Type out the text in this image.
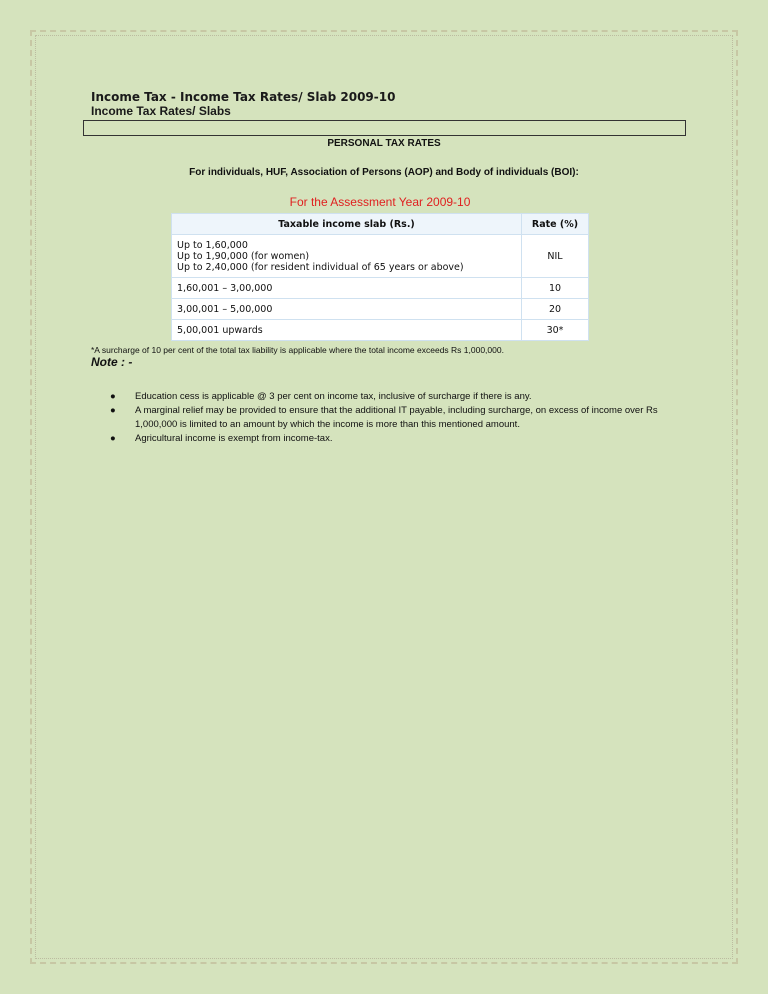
Income Tax - Income Tax Rates/ Slab 2009-10
Income Tax Rates/ Slabs
PERSONAL TAX RATES
For individuals, HUF, Association of Persons (AOP) and Body of individuals (BOI):
For the Assessment Year 2009-10
Taxable income slab (Rs.)	Rate (%)

Up to 1,60,000
Up to 1,90,000 (for women)
Up to 2,40,000 (for resident individual of 65 years or above)	NIL
1,60,001 – 3,00,000	10
3,00,001 – 5,00,000	20
5,00,001 upwards	30*
*A surcharge of 10 per cent of the total tax liability is applicable where the total income exceeds Rs 1,000,000.
Note : -
● Education cess is applicable @ 3 per cent on income tax, inclusive of surcharge if there is any.
● A marginal relief may be provided to ensure that the additional IT payable, including surcharge, on excess of income over Rs 1,000,000 is limited to an amount by which the income is more than this mentioned amount.
● Agricultural income is exempt from income-tax.
